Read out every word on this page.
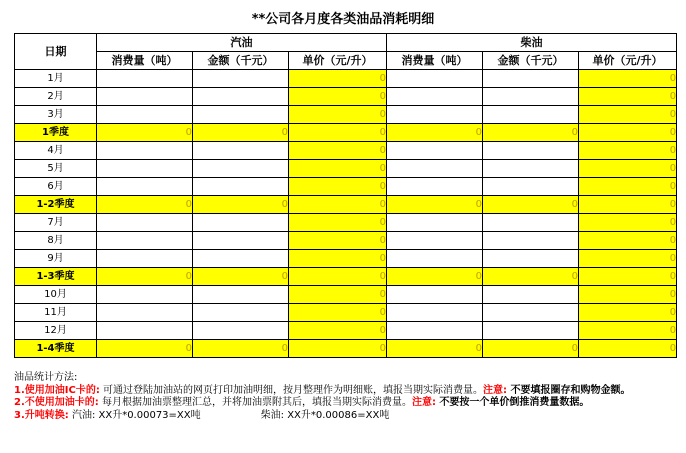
**公司各月度各类油品消耗明细
日期	汽油			柴油		
	消费量（吨）	金额（千元）	单价（元/升）	消费量（吨）	金额（千元）	单价（元/升）
1月			0			0
2月			0			0
3月			0			0
1季度	0	0	0	0	0	0
4月			0			0
5月			0			0
6月			0			0
1-2季度	0	0	0	0	0	0
7月			0			0
8月			0			0
9月			0			0
1-3季度	0	0	0	0	0	0
10月			0			0
11月			0			0
12月			0			0
1-4季度	0	0	0	0	0	0
油品统计方法:
1.使用加油IC卡的: 可通过登陆加油站的网页打印加油明细，按月整理作为明细账，填报当期实际消费量。注意: 不要填报圈存和购物金额。
2.不使用加油卡的: 每月根据加油票整理汇总，并将加油票附其后，填报当期实际消费量。注意: 不要按一个单价倒推消费量数据。
3.升吨转换: 汽油: XX升*0.00073=XX吨	柴油: XX升*0.00086=XX吨
